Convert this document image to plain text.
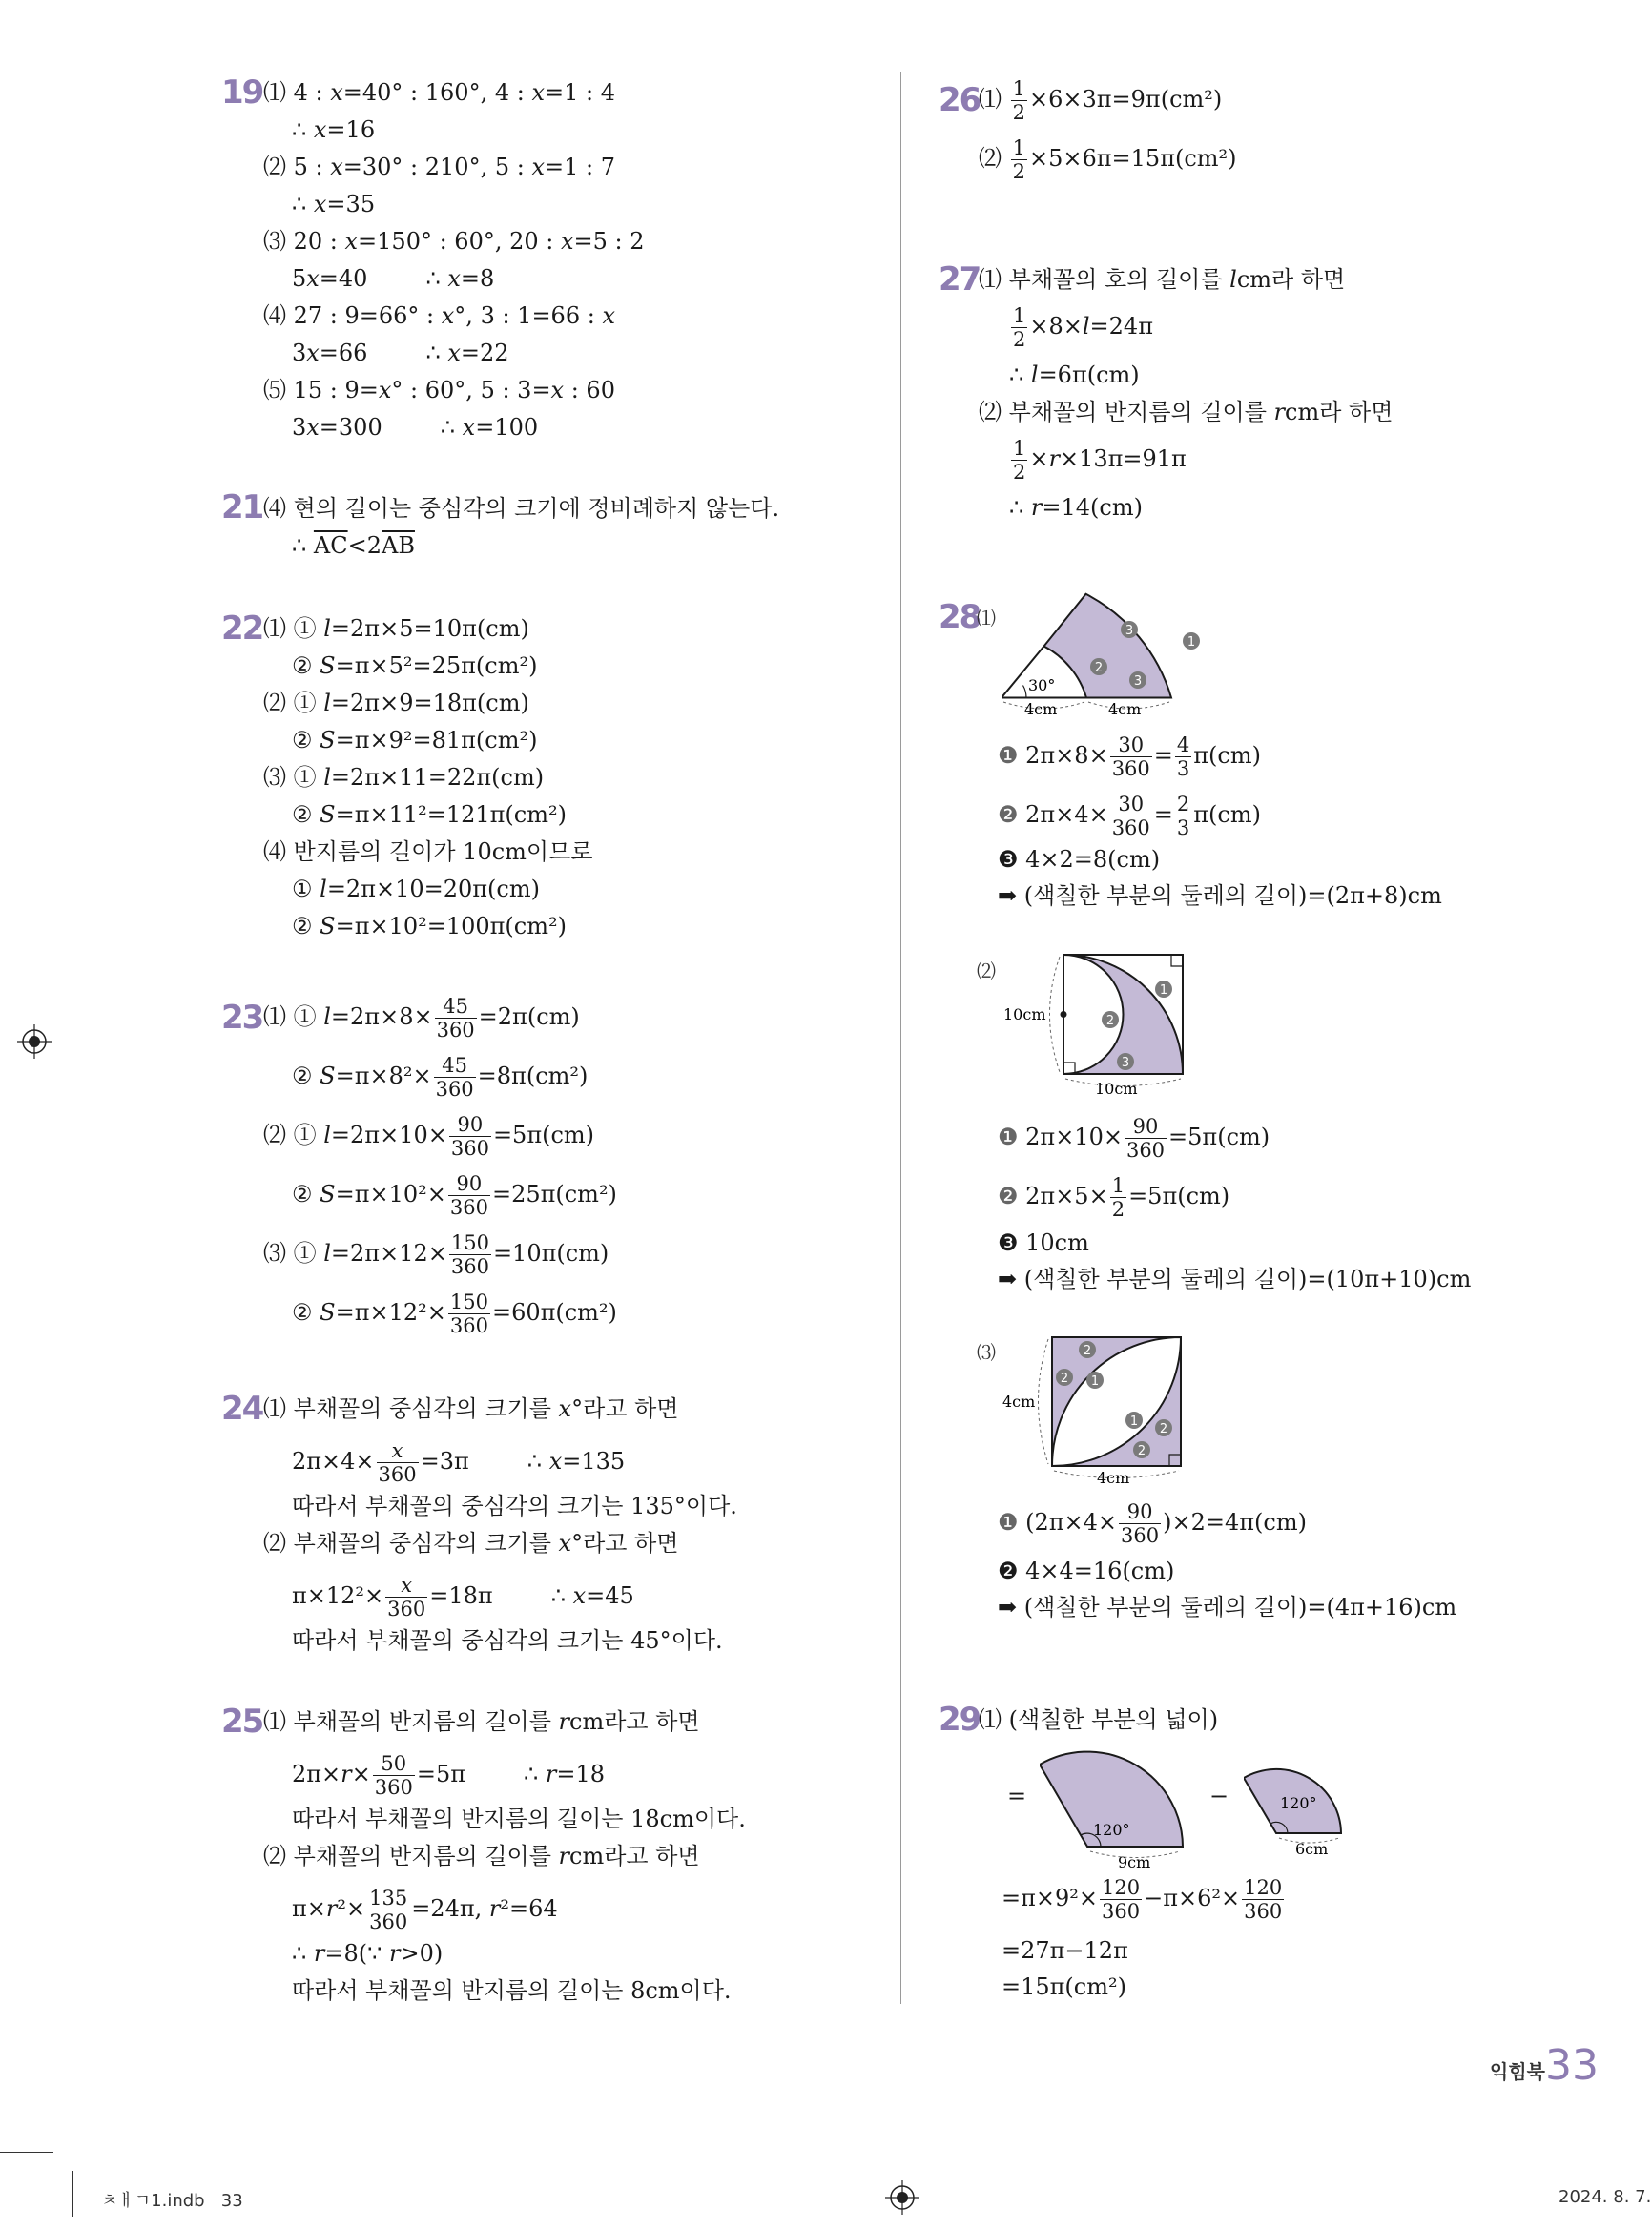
19 ⑴ 4 : 𝑥=40° : 160°, 4 : 𝑥=1 : 4
∴ 𝑥=16
⑵ 5 : 𝑥=30° : 210°, 5 : 𝑥=1 : 7
∴ 𝑥=35
⑶ 20 : 𝑥=150° : 60°, 20 : 𝑥=5 : 2
5𝑥=40        ∴ 𝑥=8
⑷ 27 : 9=66° : 𝑥°, 3 : 1=66 : 𝑥
3𝑥=66        ∴ 𝑥=22
⑸ 15 : 9=𝑥° : 60°, 5 : 3=𝑥 : 60
3𝑥=300        ∴ 𝑥=100
21 ⑷ 현의 길이는 중심각의 크기에 정비례하지 않는다.
∴ $\overline{AC}<2\overline{AB}$
22 ⑴ ① 𝑙=2π×5=10π(cm)
② 𝑆=π×5²=25π(cm²)
⑵ ① 𝑙=2π×9=18π(cm)
② 𝑆=π×9²=81π(cm²)
⑶ ① 𝑙=2π×11=22π(cm)
② 𝑆=π×11²=121π(cm²)
⑷ 반지름의 길이가 10cm이므로
① 𝑙=2π×10=20π(cm)
② 𝑆=π×10²=100π(cm²)
23 ⑴ ① 𝑙=2π×8× $\frac{45}{360} =2\pi(cm)$
② 𝑆=π×8²× $\frac{45}{360} =8\pi(cm^2)$
⑵ ① 𝑙=2π×10× $\frac{90}{360} =5\pi(cm)$
② 𝑆=π×10²× $\frac{90}{360} =25\pi(cm^2)$
⑶ ① 𝑙=2π×12× $\frac{150}{360} =10\pi(cm)$
② 𝑆=π×12²× $\frac{150}{360} =60\pi(cm^2)$
24 ⑴ 부채꼴의 중심각의 크기를 𝑥°라고 하면
$2\pi\times 4\times \frac{\text{𝑥}}{360} =3\pi$        ∴ 𝑥=135
따라서 부채꼴의 중심각의 크기는 135°이다.
⑵ 부채꼴의 중심각의 크기를 𝑥°라고 하면
$\pi\times 12^2\times \frac{\text{𝑥}}{360} =18\pi$        ∴ 𝑥=45
따라서 부채꼴의 중심각의 크기는 45°이다.
25 ⑴ 부채꼴의 반지름의 길이를 𝑟cm라고 하면
2π×𝑟× $\frac{50}{360} =5\pi$        ∴ 𝑟=18
따라서 부채꼴의 반지름의 길이는 18cm이다.
⑵ 부채꼴의 반지름의 길이를 𝑟cm라고 하면
π×𝑟²× $\frac{135}{360} =24\pi$, 𝑟²=64
∴ 𝑟=8(∵ 𝑟>0)
따라서 부채꼴의 반지름의 길이는 8cm이다.
26
⑴ $\frac{1}{2} \times 6\times 3\pi=9\pi(cm^2)$
⑵ $\frac{1}{2} \times 5\times 6\pi=15\pi(cm^2)$
27
⑴ 부채꼴의 호의 길이를 𝑙cm라 하면
$\frac{1}{2}$ ×8×𝑙=24π
∴ 𝑙=6π(cm)
⑵ 부채꼴의 반지름의 길이를 𝑟cm라 하면
$\frac{1}{2}$ ×𝑟×13π=91π
∴ 𝑟=14(cm)
28
⑴
30°
4cm	4cm
1
3
2
3
❶ $2\pi\times 8\times \frac{30}{360} = \frac{4}{3} \pi(cm)$
❷ $2\pi\times 4\times \frac{30}{360} = \frac{2}{3} \pi(cm)$
❸ 4×2=8(cm)
➡ (색칠한 부분의 둘레의 길이)=(2π+8)cm
⑵
10cm
10cm
1
2
3
❶ $2\pi\times 10\times \frac{90}{360} =5\pi(cm)$
❷ $2\pi\times 5\times \frac{1}{2} =5\pi(cm)$
❸ 10cm
➡ (색칠한 부분의 둘레의 길이)=(10π+10)cm
⑶
4cm
4cm
2
2 1
1
2
2
❶ $(2\pi\times 4\times \frac{90}{360} )\times 2=4\pi(cm)$
❷ 4×4=16(cm)
➡ (색칠한 부분의 둘레의 길이)=(4π+16)cm
29
⑴ (색칠한 부분의 넓이)
=
120°
9cm
−	120°
6cm
$=\pi\times 9^2\times \frac{120}{360} -\pi\times 6^2\times \frac{120}{360}$
=27π−12π
=15π(cm²)
익힘북 33
ㅊㅐㄱ1.indb   33	2024. 8. 7.
